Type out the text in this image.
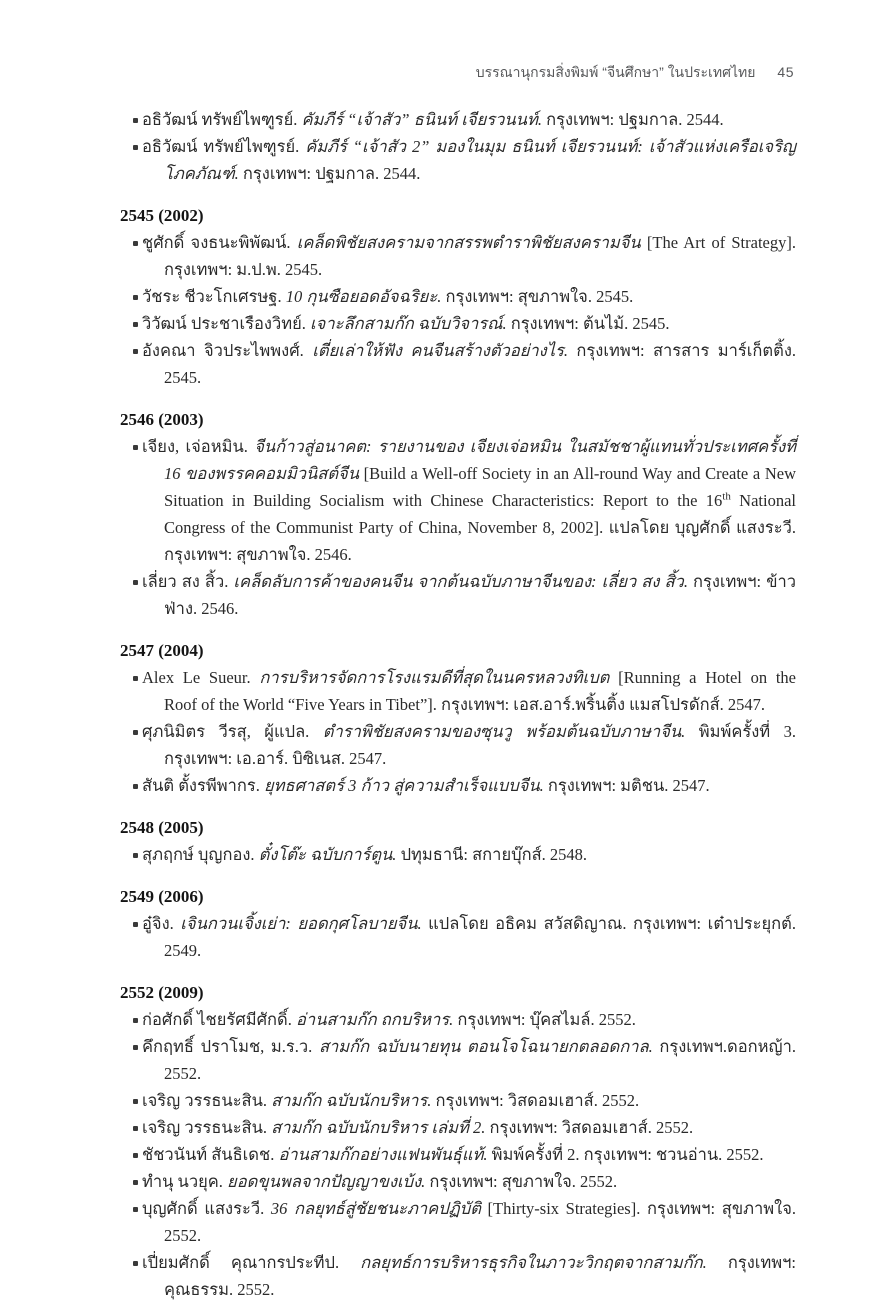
บรรณานุกรมสิ่งพิมพ์ “จีนศึกษา” ในประเทศไทย 45
อธิวัฒน์ ทรัพย์ไพฑูรย์. คัมภีร์ “เจ้าสัว” ธนินท์ เจียรวนนท์. กรุงเทพฯ: ปฐมกาล. 2544.
อธิวัฒน์ ทรัพย์ไพฑูรย์. คัมภีร์ “เจ้าสัว 2” มองในมุม ธนินท์ เจียรวนนท์: เจ้าสัวแห่งเครือเจริญโภคภัณฑ์. กรุงเทพฯ: ปฐมกาล. 2544.
2545 (2002)
ชูศักดิ์ จงธนะพิพัฒน์. เคล็ดพิชัยสงครามจากสรรพตำราพิชัยสงครามจีน [The Art of Strategy]. กรุงเทพฯ: ม.ป.พ. 2545.
วัชระ ชีวะโกเศรษฐ. 10 กุนซือยอดอัจฉริยะ. กรุงเทพฯ: สุขภาพใจ. 2545.
วิวัฒน์ ประชาเรืองวิทย์. เจาะลึกสามก๊ก ฉบับวิจารณ์. กรุงเทพฯ: ต้นไม้. 2545.
อังคณา จิวประไพพงศ์. เตี่ยเล่าให้ฟัง คนจีนสร้างตัวอย่างไร. กรุงเทพฯ: สารสาร มาร์เก็ตติ้ง. 2545.
2546 (2003)
เจียง, เจ่อหมิน. จีนก้าวสู่อนาคต: รายงานของ เจียงเจ่อหมิน ในสมัชชาผู้แทนทั่วประเทศครั้งที่ 16 ของพรรคคอมมิวนิสต์จีน [Build a Well-off Society in an All-round Way and Create a New Situation in Building Socialism with Chinese Characteristics: Report to the 16th National Congress of the Communist Party of China, November 8, 2002]. แปลโดย บุญศักดิ์ แสงระวี. กรุงเทพฯ: สุขภาพใจ. 2546.
เลี่ยว สง สิ้ว. เคล็ดลับการค้าของคนจีน จากต้นฉบับภาษาจีนของ: เลี่ยว สง สิ้ว. กรุงเทพฯ: ข้าวฟ่าง. 2546.
2547 (2004)
Alex Le Sueur. การบริหารจัดการโรงแรมดีที่สุดในนครหลวงทิเบต [Running a Hotel on the Roof of the World “Five Years in Tibet”]. กรุงเทพฯ: เอส.อาร์.พริ้นติ้ง แมสโปรดักส์. 2547.
ศุภนิมิตร วีรสุ, ผู้แปล. ตำราพิชัยสงครามของซุนวู พร้อมต้นฉบับภาษาจีน. พิมพ์ครั้งที่ 3. กรุงเทพฯ: เอ.อาร์. บิซิเนส. 2547.
สันติ ตั้งรพีพากร. ยุทธศาสตร์ 3 ก้าว สู่ความสำเร็จแบบจีน. กรุงเทพฯ: มติชน. 2547.
2548 (2005)
สุภฤกษ์ บุญกอง. ตั๋งโต๊ะ ฉบับการ์ตูน. ปทุมธานี: สกายบุ๊กส์. 2548.
2549 (2006)
อู๋จิง. เจินกวนเจิ้งเย่า: ยอดกุศโลบายจีน. แปลโดย อธิคม สวัสดิญาณ. กรุงเทพฯ: เต๋าประยุกต์. 2549.
2552 (2009)
ก่อศักดิ์ ไชยรัศมีศักดิ์. อ่านสามก๊ก ถกบริหาร. กรุงเทพฯ: บุ๊คสไมล์. 2552.
คึกฤทธิ์ ปราโมช, ม.ร.ว. สามก๊ก ฉบับนายทุน ตอนโจโฉนายกตลอดกาล. กรุงเทพฯ.ดอกหญ้า. 2552.
เจริญ วรรธนะสิน. สามก๊ก ฉบับนักบริหาร. กรุงเทพฯ: วิสดอมเฮาส์. 2552.
เจริญ วรรธนะสิน. สามก๊ก ฉบับนักบริหาร เล่มที่ 2. กรุงเทพฯ: วิสดอมเฮาส์. 2552.
ชัชวนันท์ สันธิเดช. อ่านสามก๊กอย่างแฟนพันธุ์แท้. พิมพ์ครั้งที่ 2. กรุงเทพฯ: ชวนอ่าน. 2552.
ทำนุ นวยุค. ยอดขุนพลจากปัญญาขงเบ้ง. กรุงเทพฯ: สุขภาพใจ. 2552.
บุญศักดิ์ แสงระวี. 36 กลยุทธ์สู่ชัยชนะภาคปฏิบัติ [Thirty-six Strategies]. กรุงเทพฯ: สุขภาพใจ. 2552.
เปี่ยมศักดิ์ คุณากรประทีป. กลยุทธ์การบริหารธุรกิจในภาวะวิกฤตจากสามก๊ก. กรุงเทพฯ: คุณธรรม. 2552.
